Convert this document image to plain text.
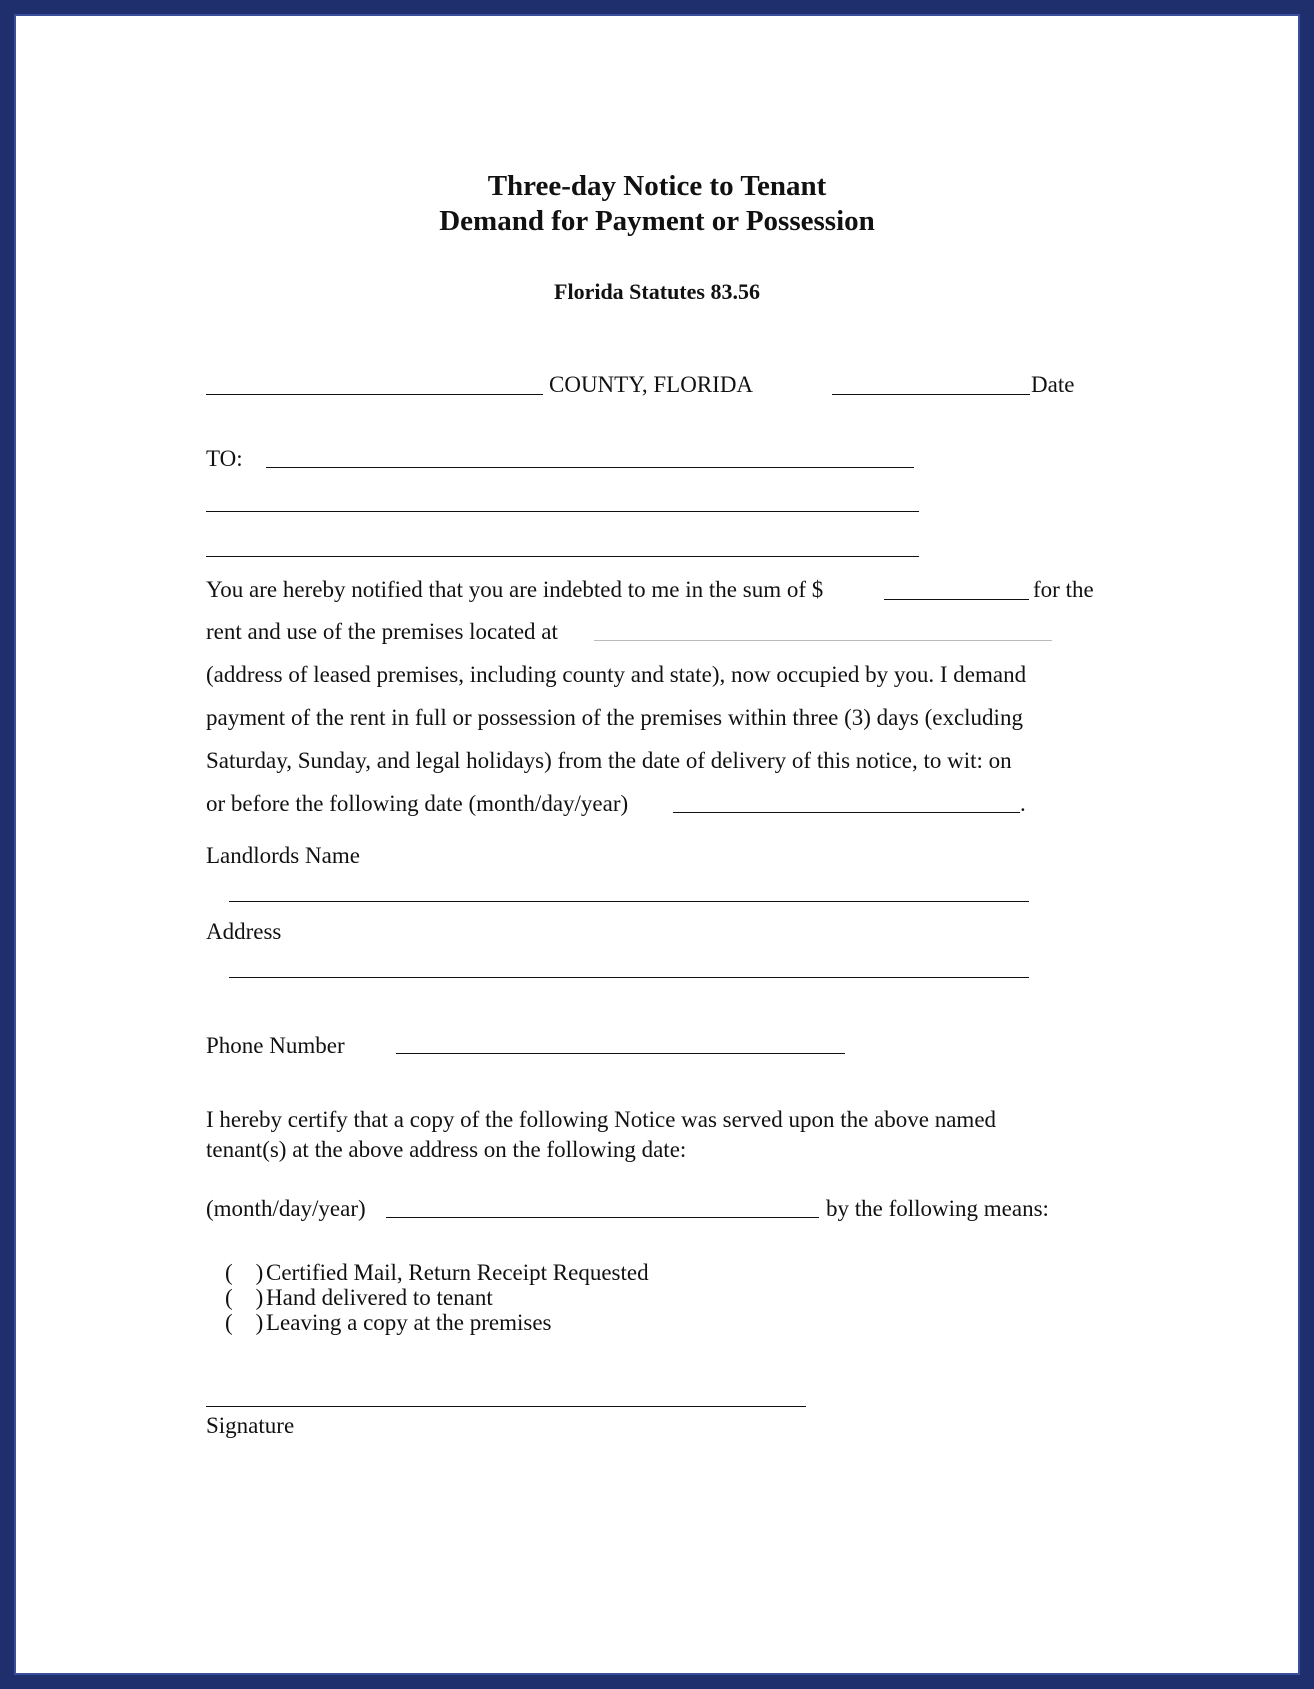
Three-day Notice to Tenant
Demand for Payment or Possession
Florida Statutes 83.56
COUNTY, FLORIDA	Date
TO:
You are hereby notified that you are indebted to me in the sum of $	for the
rent and use of the premises located at
(address of leased premises, including county and state), now occupied by you. I demand
payment of the rent in full or possession of the premises within three (3) days (excluding
Saturday, Sunday, and legal holidays) from the date of delivery of this notice, to wit: on
or before the following date (month/day/year)	.
Landlords Name
Address
Phone Number
I hereby certify that a copy of the following Notice was served upon the above named
tenant(s) at the above address on the following date:
(month/day/year)	by the following means:
(    ) Certified Mail, Return Receipt Requested
(    ) Hand delivered to tenant
(    ) Leaving a copy at the premises
Signature
